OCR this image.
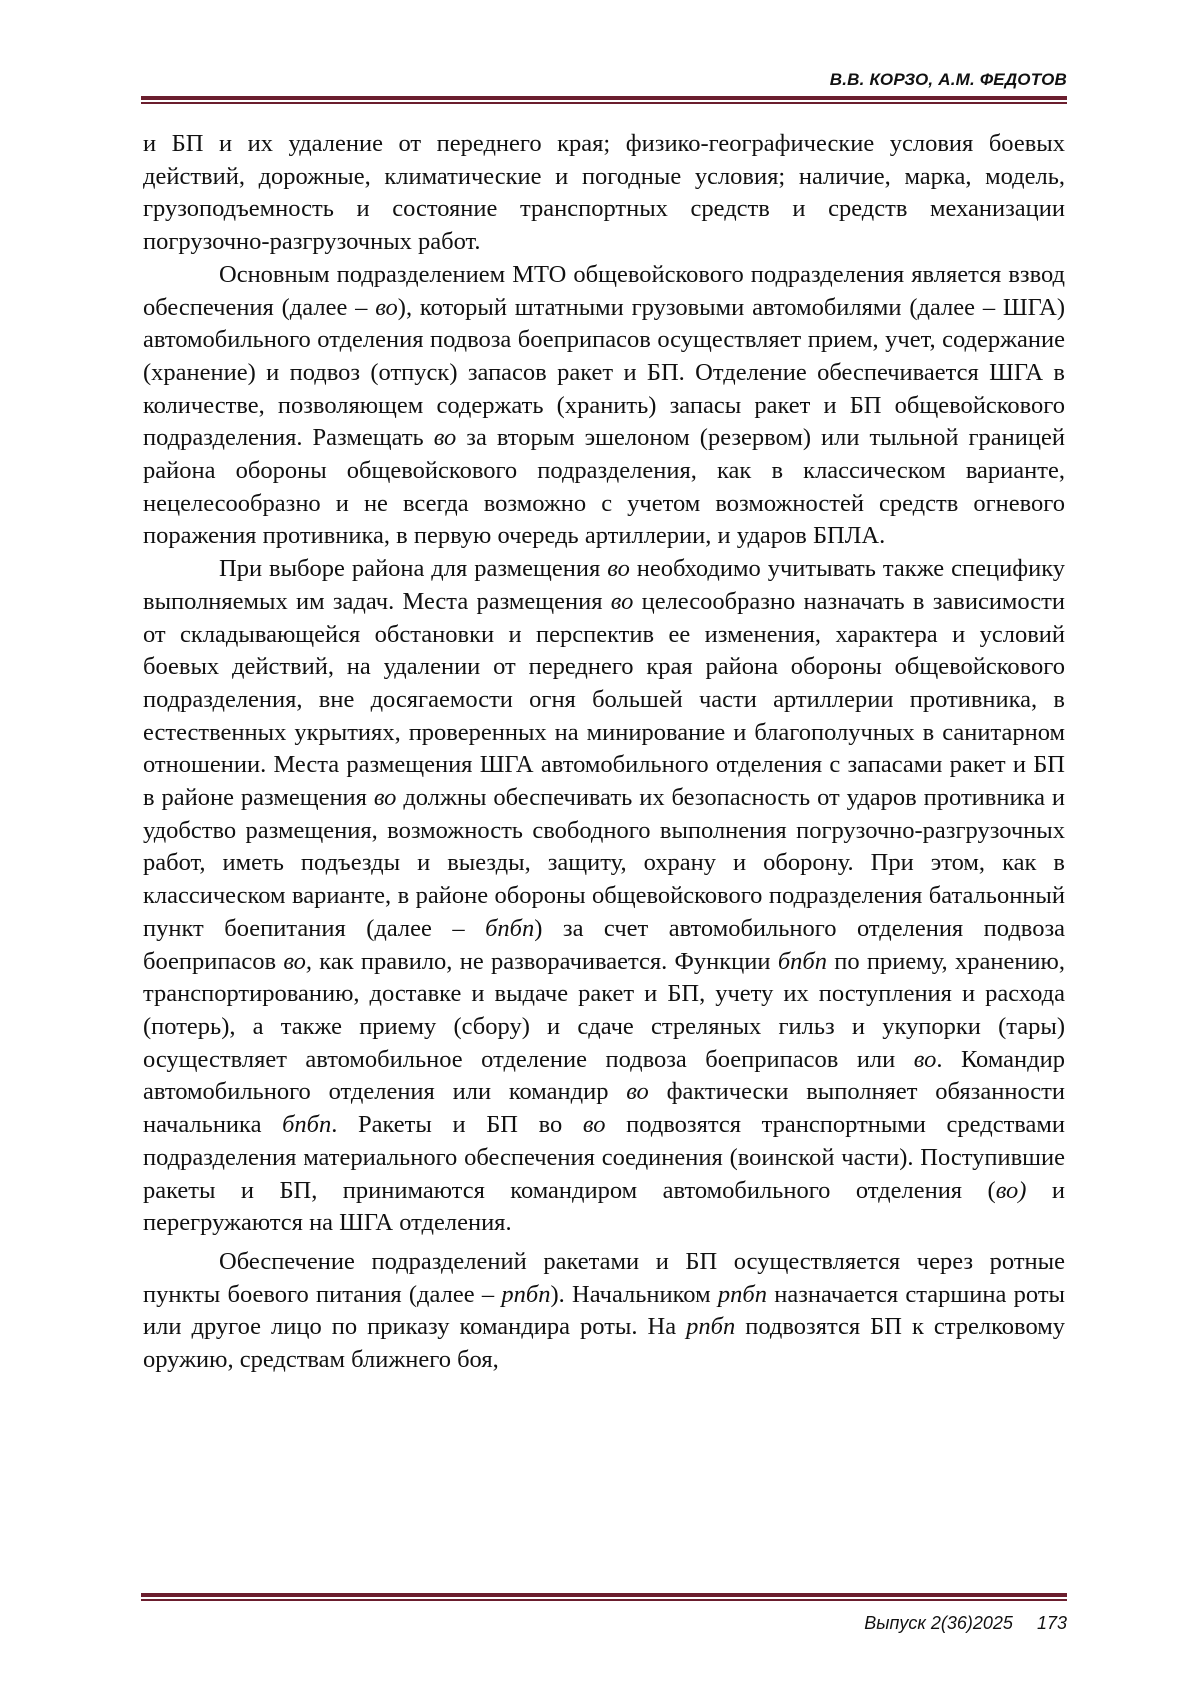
В.В. КОРЗО, А.М. ФЕДОТОВ

и БП и их удаление от переднего края; физико-географические условия боевых действий, дорожные, климатические и погодные условия; наличие, марка, модель, грузоподъемность и состояние транспортных средств и средств механизации погрузочно-разгрузочных работ.

Основным подразделением МТО общевойскового подразделения является взвод обеспечения (далее – во), который штатными грузовыми автомобилями (далее – ШГА) автомобильного отделения подвоза боеприпасов осуществляет прием, учет, содержание (хранение) и подвоз (отпуск) запасов ракет и БП. Отделение обеспечивается ШГА в количестве, позволяющем содержать (хранить) запасы ракет и БП общевойскового подразделения. Размещать во за вторым эшелоном (резервом) или тыльной границей района обороны общевойскового подразделения, как в классическом варианте, нецелесообразно и не всегда возможно с учетом возможностей средств огневого поражения противника, в первую очередь артиллерии, и ударов БПЛА.

При выборе района для размещения во необходимо учитывать также специфику выполняемых им задач. Места размещения во целесообразно назначать в зависимости от складывающейся обстановки и перспектив ее изменения, характера и условий боевых действий, на удалении от переднего края района обороны общевойскового подразделения, вне досягаемости огня большей части артиллерии противника, в естественных укрытиях, проверенных на минирование и благополучных в санитарном отношении. Места размещения ШГА автомобильного отделения с запасами ракет и БП в районе размещения во должны обеспечивать их безопасность от ударов противника и удобство размещения, возможность свободного выполнения погрузочно-разгрузочных работ, иметь подъезды и выезды, защиту, охрану и оборону. При этом, как в классическом варианте, в районе обороны общевойскового подразделения батальонный пункт боепитания (далее – бпбп) за счет автомобильного отделения подвоза боеприпасов во, как правило, не разворачивается. Функции бпбп по приему, хранению, транспортированию, доставке и выдаче ракет и БП, учету их поступления и расхода (потерь), а также приему (сбору) и сдаче стреляных гильз и укупорки (тары) осуществляет автомобильное отделение подвоза боеприпасов или во. Командир автомобильного отделения или командир во фактически выполняет обязанности начальника бпбп. Ракеты и БП во во подвозятся транспортными средствами подразделения материального обеспечения соединения (воинской части). Поступившие ракеты и БП, принимаются командиром автомобильного отделения (во) и перегружаются на ШГА отделения.

Обеспечение подразделений ракетами и БП осуществляется через ротные пункты боевого питания (далее – рпбп). Начальником рпбп назначается старшина роты или другое лицо по приказу командира роты. На рпбп подвозятся БП к стрелковому оружию, средствам ближнего боя,

Выпуск 2(36)2025 173
